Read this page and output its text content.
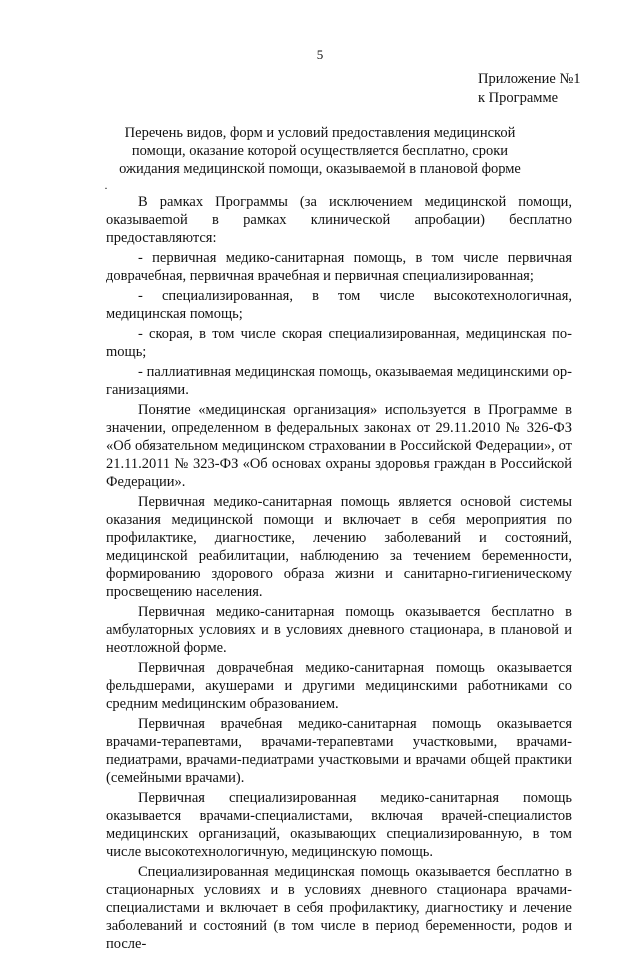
5
Приложение №1
к Программе
Перечень видов, форм и условий предоставления медицинской помощи, оказание которой осуществляется бесплатно, сроки ожидания медицинской помощи, оказываемой в плановой форме
·

В рамках Программы (за исключением медицинской помощи, оказываemой в рамках клинической апробации) бесплатно предоставляются:

- первичная медико-санитарная помощь, в том числе первичная доврачебная, первичная врачебная и первичная специализированная;

- специализированная, в том числе высокотехнологичная, медицинская помощь;

- скорая, в том числе скорая специализированная, медицинская поmощь;

- паллиативная медицинская помощь, оказываемая медицинскими организациями.

Понятие «медицинская организация» используется в Программе в значении, определенном в федеральных законах от 29.11.2010 № 326-ФЗ «Об обязательном медицинском страховании в Российской Федерации», от 21.11.2011 № 323-ФЗ «Об основах охраны здоровья граждан в Российской Федерации».

Первичная медико-санитарная помощь является основой системы оказания медицинской помощи и включает в себя мероприятия по профилактике, диагностике, лечению заболеваний и состояний, медицинской реабилитации, наблюдению за течением беременности, формированию здорового образа жизни и санитарно-гигиеническому просвещению населения.

Первичная медико-санитарная помощь оказывается бесплатно в амбулаторных условиях и в условиях дневного стационара, в плановой и неотложной форме.

Первичная доврачебная медико-санитарная помощь оказывается фельдшерами, акушерами и другими медицинскими работниками со средним меdицинским образованием.

Первичная врачебная медико-санитарная помощь оказывается врачами-терапевтами, врачами-терапевтами участковыми, врачами-педиатрами, врачами-педиатрами участковыми и врачами общей практики (семейными врачами).

Первичная специализированная медико-санитарная помощь оказывается врачами-специалистами, включая врачей-специалистов медицинских организаций, оказывающих специализированную, в том числе высокотехнологичную, медицинскую помощь.

Специализированная медицинская помощь оказывается бесплатно в стационарных условиях и в условиях дневного стационара врачами-специалистами и включает в себя профилактику, диагностику и лечение заболеваний и состояний (в том числе в период беременности, родов и после-
